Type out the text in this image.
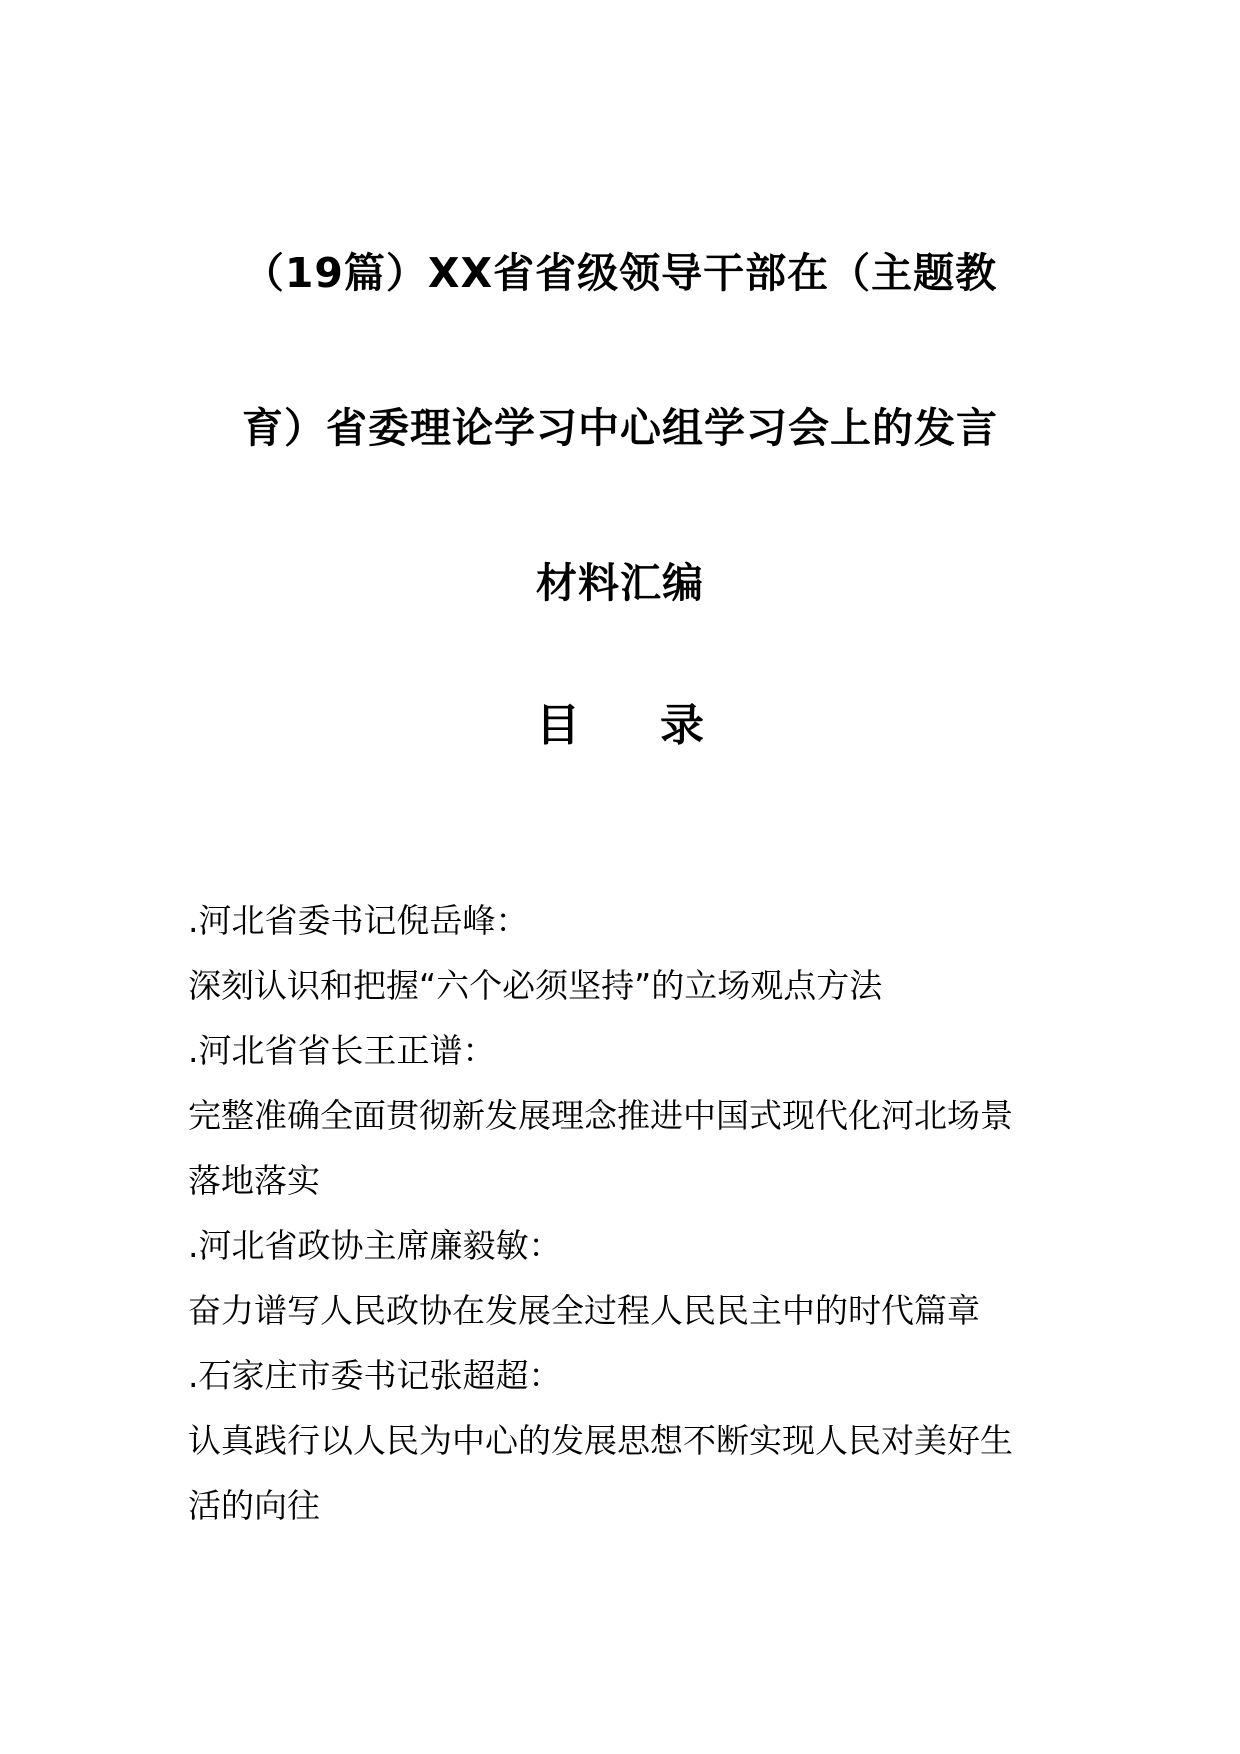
（19篇）XX省省级领导干部在（主题教
育）省委理论学习中心组学习会上的发言
材料汇编
目 录
.河北省委书记倪岳峰：
深刻认识和把握“六个必须坚持”的立场观点方法
.河北省省长王正谱：
完整准确全面贯彻新发展理念推进中国式现代化河北场景
落地落实
.河北省政协主席廉毅敏：
奋力谱写人民政协在发展全过程人民民主中的时代篇章
.石家庄市委书记张超超：
认真践行以人民为中心的发展思想不断实现人民对美好生
活的向往
